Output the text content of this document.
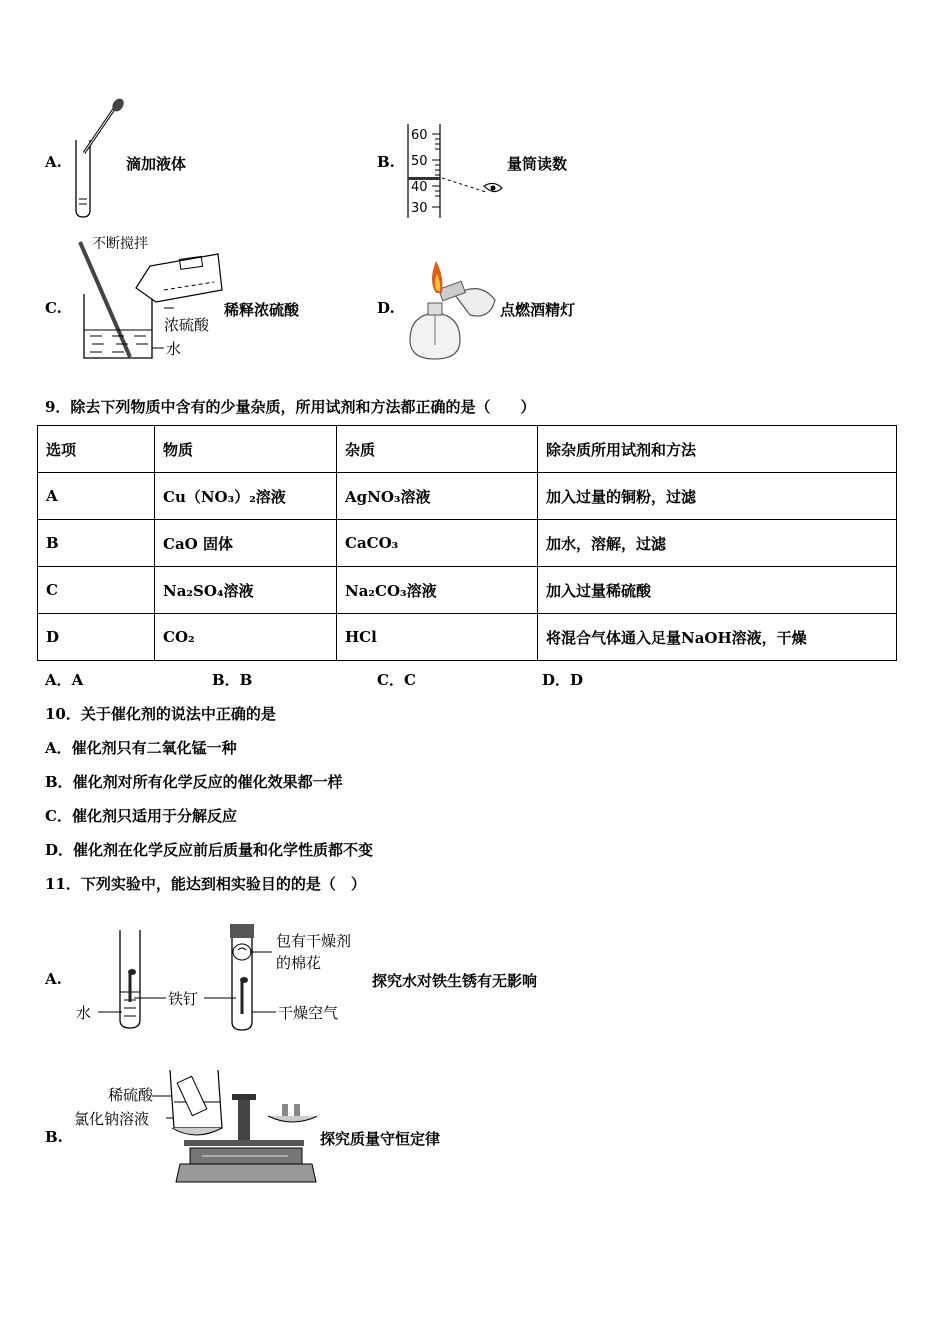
A.	滴加液体	B.
60
50
40
30
量筒读数
C.
不断搅拌
浓硫酸
水
稀释浓硫酸	D.	点燃酒精灯
9．除去下列物质中含有的少量杂质，所用试剂和方法都正确的是（　　）
选项	物质	杂质	除杂质所用试剂和方法
A	Cu（NO₃）₂溶液	AgNO₃溶液	加入过量的铜粉，过滤
B	CaO 固体	CaCO₃	加水，溶解，过滤
C	Na₂SO₄溶液	Na₂CO₃溶液	加入过量稀硫酸
D	CO₂	HCl	将混合气体通入足量NaOH溶液，干燥
A．A	B．B	C．C	D．D
10．关于催化剂的说法中正确的是
A．催化剂只有二氧化锰一种
B．催化剂对所有化学反应的催化效果都一样
C．催化剂只适用于分解反应
D．催化剂在化学反应前后质量和化学性质都不变
11．下列实验中，能达到相实验目的的是（　）
A.
水
铁钉
包有干燥剂
的棉花
干燥空气
探究水对铁生锈有无影响
B.
稀硫酸
氯化钠溶液
探究质量守恒定律
